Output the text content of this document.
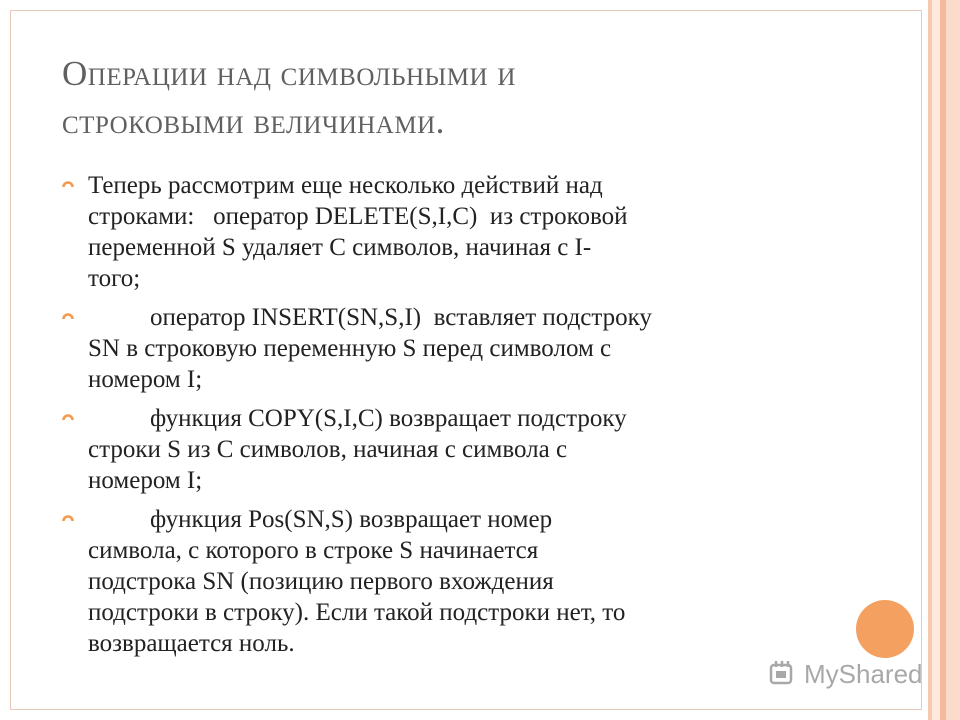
Операции над символьными и
строковыми величинами.
Теперь рассмотрим еще несколько действий над
строками:   оператор DELETE(S,I,C)  из строковой
переменной S удаляет C символов, начиная с I-
того;
оператор INSERT(SN,S,I)  вставляет подстроку
SN в строковую переменную S перед символом с
номером I;
функция COPY(S,I,C) возвращает подстроку
строки S из C символов, начиная с символа с
номером I;
функция Pos(SN,S) возвращает номер
символа, с которого в строке S начинается
подстрока SN (позицию первого вхождения
подстроки в строку). Если такой подстроки нет, то
возвращается ноль.
MyShared
